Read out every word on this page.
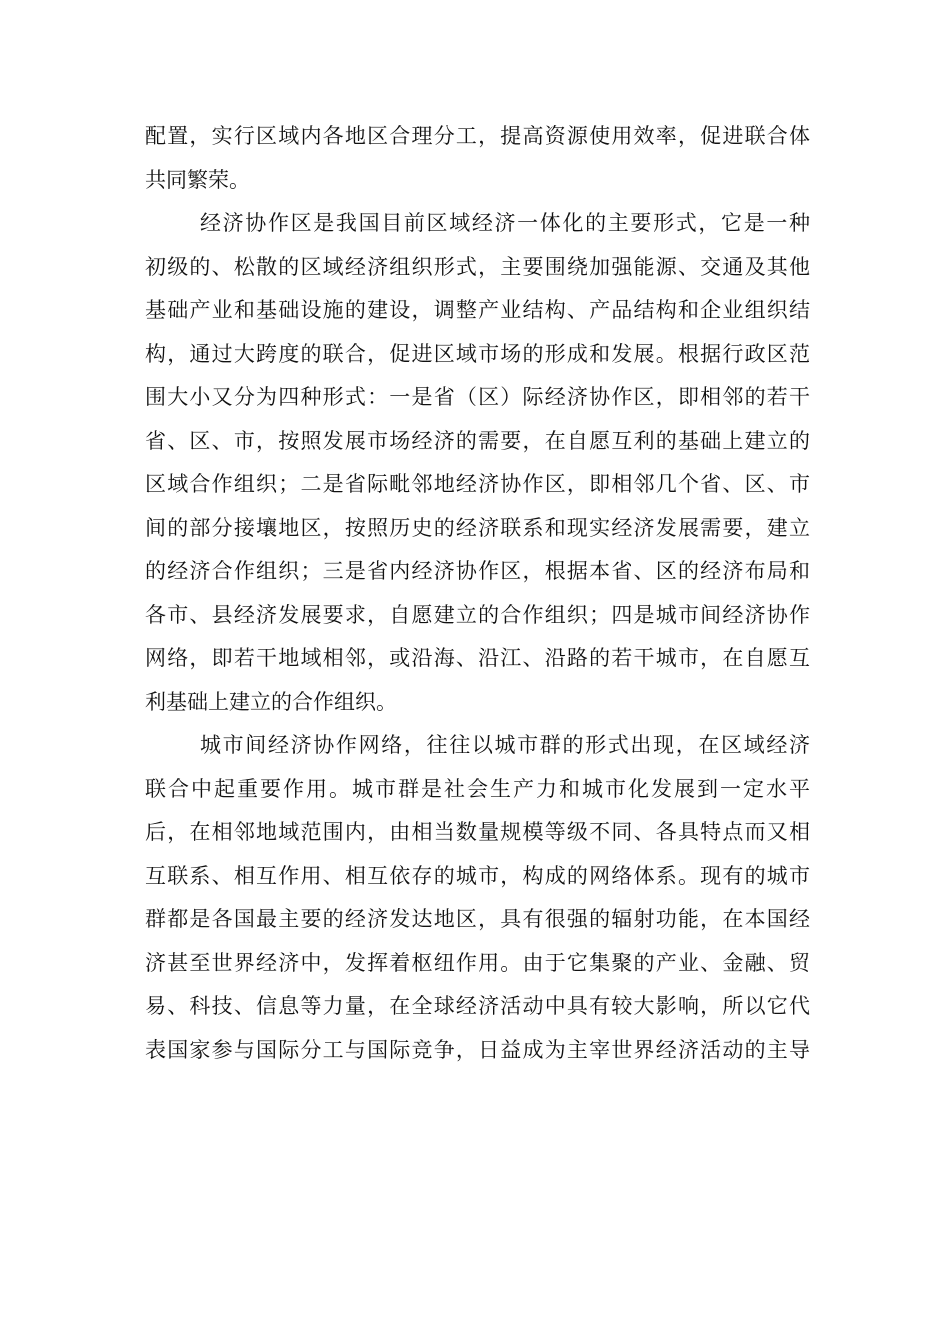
配置，实行区域内各地区合理分工，提高资源使用效率，促进联合体
共同繁荣。
经济协作区是我国目前区域经济一体化的主要形式，它是一种
初级的、松散的区域经济组织形式，主要围绕加强能源、交通及其他
基础产业和基础设施的建设，调整产业结构、产品结构和企业组织结
构，通过大跨度的联合，促进区域市场的形成和发展。根据行政区范
围大小又分为四种形式：一是省（区）际经济协作区，即相邻的若干
省、区、市，按照发展市场经济的需要，在自愿互利的基础上建立的
区域合作组织；二是省际毗邻地经济协作区，即相邻几个省、区、市
间的部分接壤地区，按照历史的经济联系和现实经济发展需要，建立
的经济合作组织；三是省内经济协作区，根据本省、区的经济布局和
各市、县经济发展要求，自愿建立的合作组织；四是城市间经济协作
网络，即若干地域相邻，或沿海、沿江、沿路的若干城市，在自愿互
利基础上建立的合作组织。
城市间经济协作网络，往往以城市群的形式出现，在区域经济
联合中起重要作用。城市群是社会生产力和城市化发展到一定水平
后，在相邻地域范围内，由相当数量规模等级不同、各具特点而又相
互联系、相互作用、相互依存的城市，构成的网络体系。现有的城市
群都是各国最主要的经济发达地区，具有很强的辐射功能，在本国经
济甚至世界经济中，发挥着枢纽作用。由于它集聚的产业、金融、贸
易、科技、信息等力量，在全球经济活动中具有较大影响，所以它代
表国家参与国际分工与国际竞争，日益成为主宰世界经济活动的主导
